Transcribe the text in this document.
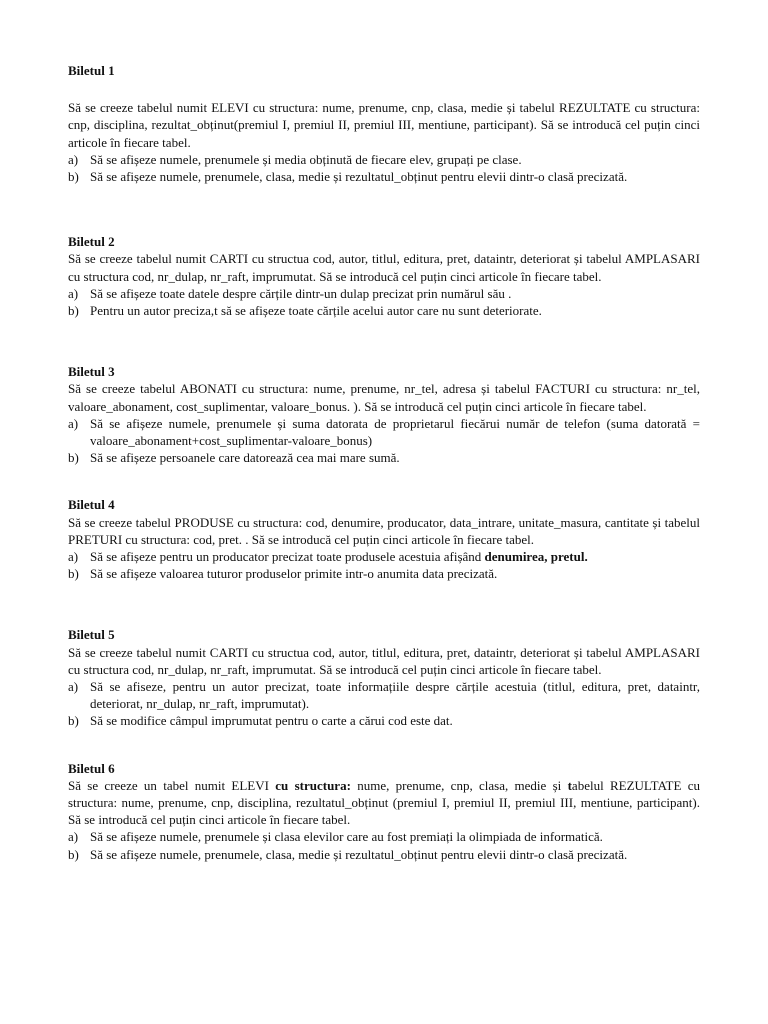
Biletul 1

Să se creeze tabelul numit ELEVI cu structura: nume, prenume, cnp, clasa, medie și tabelul REZULTATE cu structura: cnp, disciplina, rezultat_obținut(premiul I, premiul II, premiul III, mentiune, participant). Să se introducă cel puțin cinci articole în fiecare tabel.

a) Să se afișeze numele, prenumele și media obținută de fiecare elev, grupați pe clase.
b) Să se afișeze numele, prenumele, clasa, medie și rezultatul_obținut pentru elevii dintr-o clasă precizată.
Biletul 2

Să se creeze tabelul numit CARTI cu structua cod, autor, titlul, editura, pret, dataintr, deteriorat și tabelul AMPLASARI cu structura cod, nr_dulap, nr_raft, imprumutat. Să se introducă cel puțin cinci articole în fiecare tabel.

a) Să se afișeze toate datele despre cărțile dintr-un dulap precizat prin numărul său .
b) Pentru un autor preciza,t să se afișeze toate cărțile acelui autor care nu sunt deteriorate.
Biletul 3

Să se creeze tabelul ABONATI cu structura: nume, prenume, nr_tel, adresa și tabelul FACTURI cu structura: nr_tel, valoare_abonament, cost_suplimentar, valoare_bonus. ). Să se introducă cel puțin cinci articole în fiecare tabel.

a) Să se afișeze numele, prenumele și suma datorata de proprietarul fiecărui număr de telefon (suma datorată = valoare_abonament+cost_suplimentar-valoare_bonus)
b) Să se afișeze persoanele care datorează cea mai mare sumă.
Biletul 4

Să se creeze tabelul PRODUSE cu structura: cod, denumire, producator, data_intrare, unitate_masura, cantitate și tabelul PRETURI cu structura: cod, pret. . Să se introducă cel puțin cinci articole în fiecare tabel.

a) Să se afișeze pentru un producator precizat toate produsele acestuia afișând denumirea, pretul.
b) Să se afișeze valoarea tuturor produselor primite intr-o anumita data precizată.
Biletul 5

Să se creeze tabelul numit CARTI cu structua cod, autor, titlul, editura, pret, dataintr, deteriorat și tabelul AMPLASARI cu structura cod, nr_dulap, nr_raft, imprumutat. Să se introducă cel puțin cinci articole în fiecare tabel.

a) Să se afiseze, pentru un autor precizat, toate informațiile despre cărțile acestuia (titlul, editura, pret, dataintr, deteriorat, nr_dulap, nr_raft, imprumutat).
b) Să se modifice câmpul imprumutat pentru o carte a cărui cod este dat.
Biletul 6

Să se creeze un tabel numit ELEVI cu structura: nume, prenume, cnp, clasa, medie și tabelul REZULTATE cu structura: nume, prenume, cnp, disciplina, rezultatul_obținut (premiul I, premiul II, premiul III, mentiune, participant). Să se introducă cel puțin cinci articole în fiecare tabel.

a) Să se afișeze numele, prenumele și clasa elevilor care au fost premiați la olimpiada de informatică.
b) Să se afișeze numele, prenumele, clasa, medie și rezultatul_obținut pentru elevii dintr-o clasă precizată.
